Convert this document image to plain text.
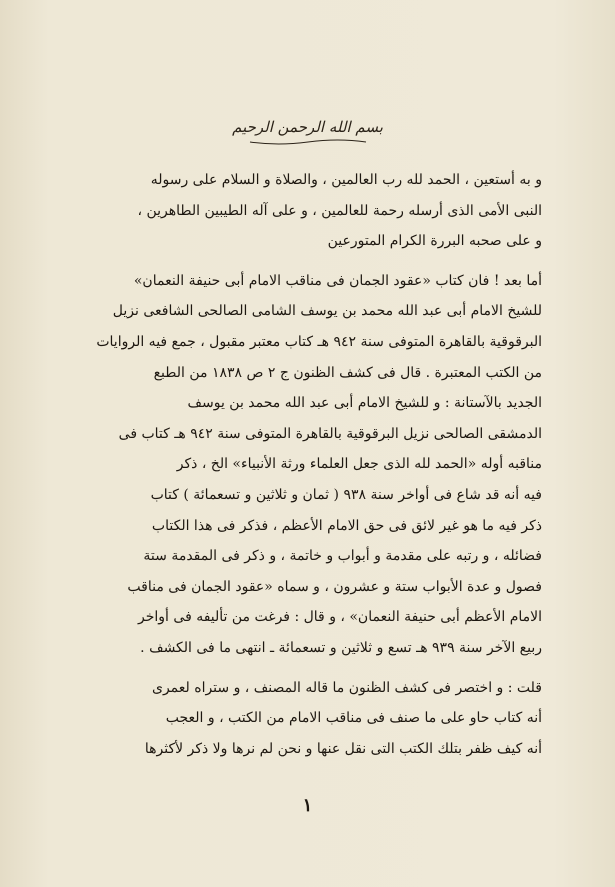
بسم الله الرحمن الرحيم

و به أستعين ، الحمد لله رب العالمين ، والصلاة و السلام على رسوله
النبى الأمى الذى أرسله رحمة للعالمين ، و على آله الطيبين الطاهرين ،
و على صحبه البررة الكرام المتورعين

أما بعد ! فان كتاب «عقود الجمان فى مناقب الامام أبى حنيفة النعمان»
للشيخ الامام أبى عبد الله محمد بن يوسف الشامى الصالحى الشافعى نزيل
البرقوقية بالقاهرة المتوفى سنة ٩٤٢ هـ كتاب معتبر مقبول ، جمع فيه الروايات
من الكتب المعتبرة . قال فى كشف الظنون ج ٢ ص ١٨٣٨ من الطبع
الجديد بالآستانة : و للشيخ الامام أبى عبد الله محمد بن يوسف
الدمشقى الصالحى نزيل البرقوقية بالقاهرة المتوفى سنة ٩٤٢ هـ كتاب فى
مناقبه أوله «الحمد لله الذى جعل العلماء ورثة الأنبياء» الخ ، ذكر
فيه أنه قد شاع فى أواخر سنة ٩٣٨ ( ثمان و ثلاثين و تسعمائة ) كتاب
ذكر فيه ما هو غير لائق فى حق الامام الأعظم ، فذكر فى هذا الكتاب
فضائله ، و رتبه على مقدمة و أبواب و خاتمة ، و ذكر فى المقدمة ستة
فصول و عدة الأبواب ستة و عشرون ، و سماه «عقود الجمان فى مناقب
الامام الأعظم أبى حنيفة النعمان» ، و قال : فرغت من تأليفه فى أواخر
ربيع الآخر سنة ٩٣٩ هـ تسع و ثلاثين و تسعمائة ـ انتهى ما فى الكشف .

قلت : و اختصر فى كشف الظنون ما قاله المصنف ، و ستراه لعمرى
أنه كتاب حاو على ما صنف فى مناقب الامام من الكتب ، و العجب
أنه كيف ظفر بتلك الكتب التى نقل عنها و نحن لم نرها ولا ذكر لأكثرها

١
